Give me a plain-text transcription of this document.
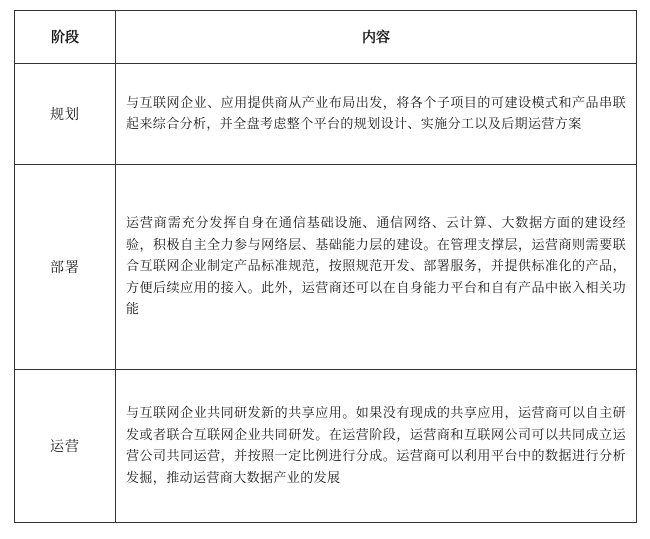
阶段	内容
规划	与互联网企业、应用提供商从产业布局出发，将各个子项目的可建设模式和产品串联起来综合分析，并全盘考虑整个平台的规划设计、实施分工以及后期运营方案

部署	运营商需充分发挥自身在通信基础设施、通信网络、云计算、大数据方面的建设经验，积极自主全力参与网络层、基础能力层的建设。在管理支撑层，运营商则需要联合互联网企业制定产品标准规范，按照规范开发、部署服务，并提供标准化的产品，方便后续应用的接入。此外，运营商还可以在自身能力平台和自有产品中嵌入相关功能

运营	与互联网企业共同研发新的共享应用。如果没有现成的共享应用，运营商可以自主研发或者联合互联网企业共同研发。在运营阶段，运营商和互联网公司可以共同成立运营公司共同运营，并按照一定比例进行分成。运营商可以利用平台中的数据进行分析发掘，推动运营商大数据产业的发展
